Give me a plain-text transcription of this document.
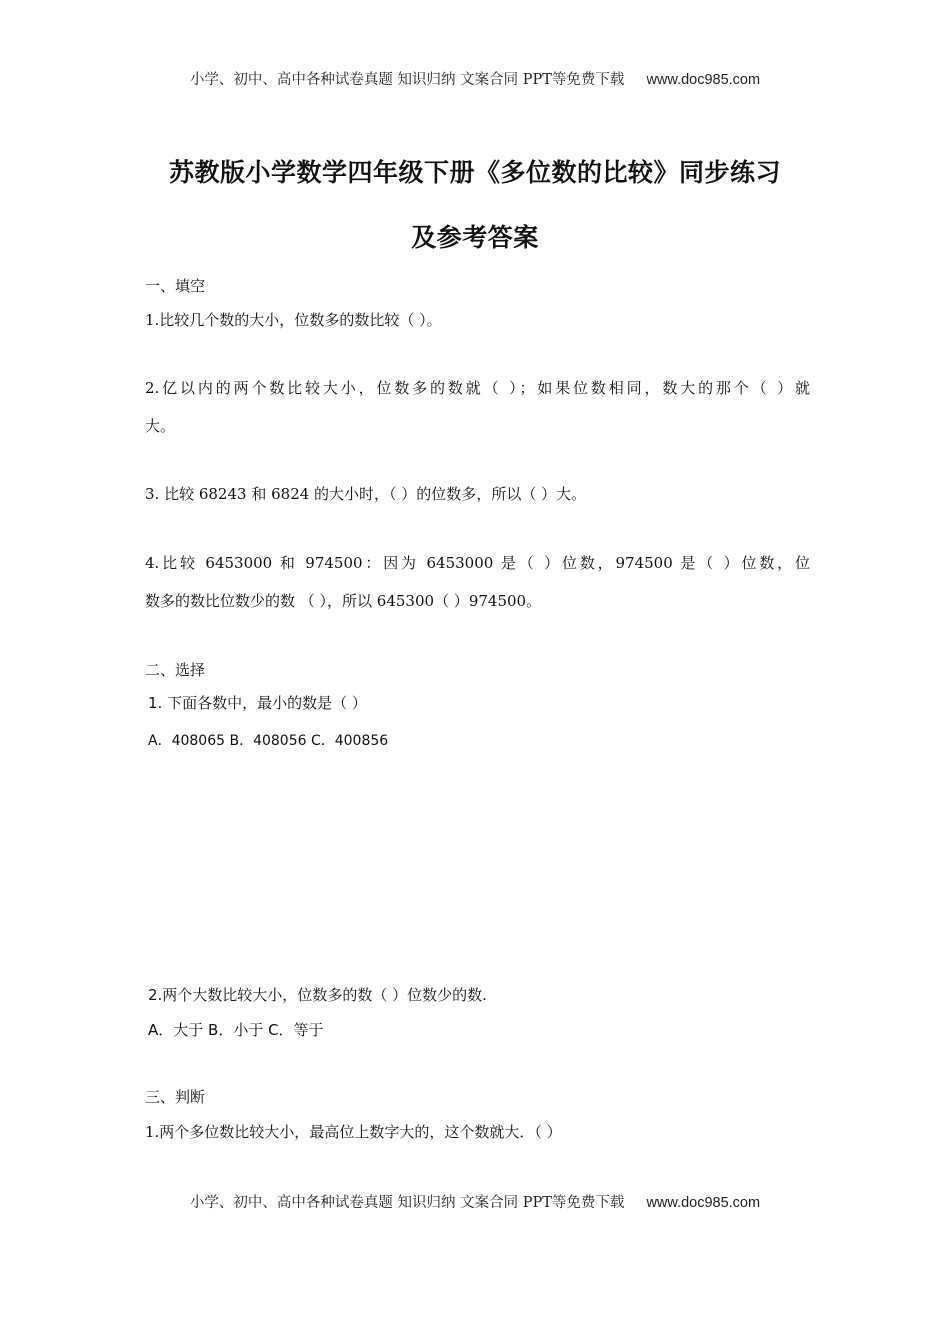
小学、初中、高中各种试卷真题 知识归纳 文案合同 PPT等免费下载 www.doc985.com
苏教版小学数学四年级下册《多位数的比较》同步练习
及参考答案
一、填空
1.比较几个数的大小，位数多的数比较（ ）。
2.亿以内的两个数比较大小，位数多的数就（ ）；如果位数相同，数大的那个（ ）就
大。
3. 比较 68243 和 6824 的大小时，（ ）的位数多，所以（ ）大。
4.比较 6453000 和 974500：因为 6453000 是（ ）位数，974500 是（ ）位数，位
数多的数比位数少的数 （ ），所以 645300（ ）974500。
二、选择
1. 下面各数中，最小的数是（ ）
A．408065 B．408056 C．400856
2.两个大数比较大小，位数多的数（ ）位数少的数.
A．大于 B．小于 C．等于
三、判断
1.两个多位数比较大小，最高位上数字大的，这个数就大．（ ）
小学、初中、高中各种试卷真题 知识归纳 文案合同 PPT等免费下载 www.doc985.com
